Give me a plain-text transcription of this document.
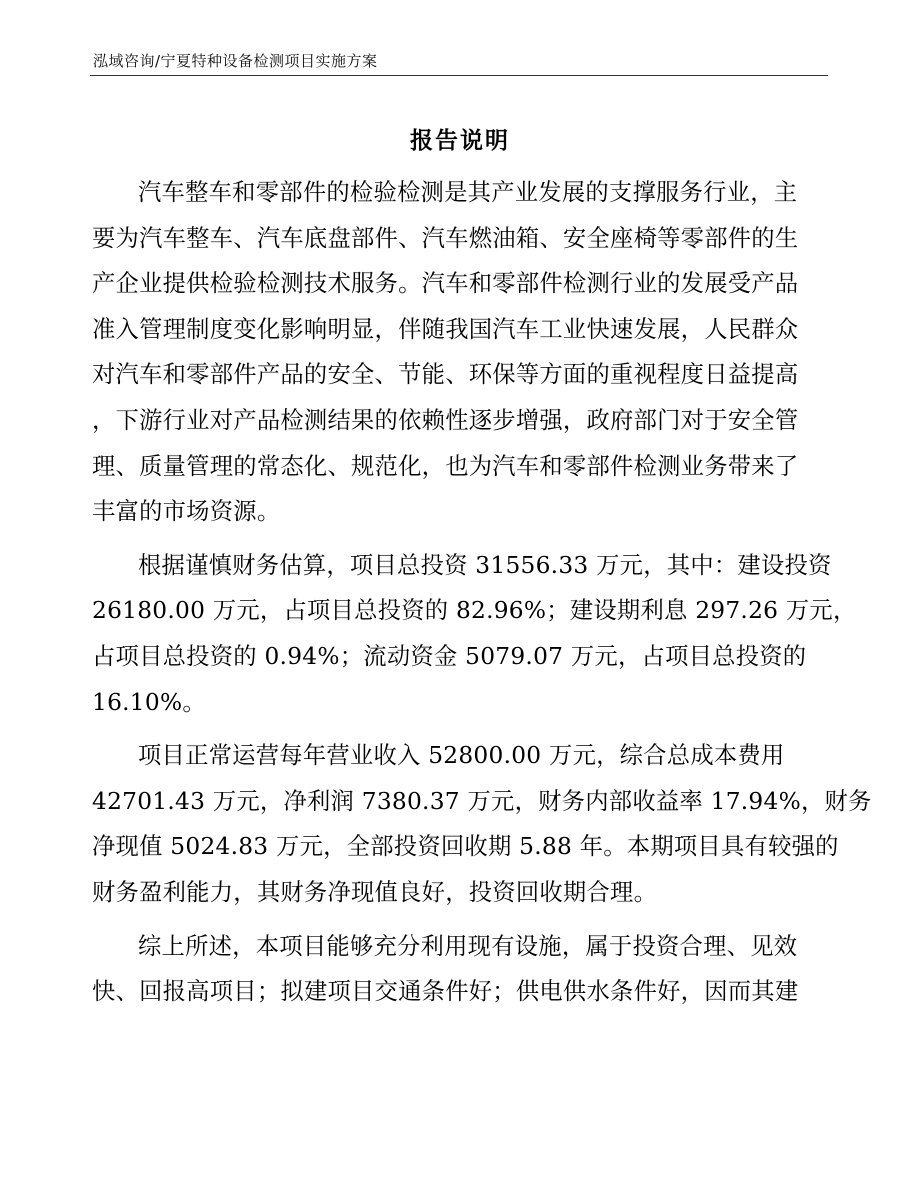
泓域咨询/宁夏特种设备检测项目实施方案
报告说明

汽车整车和零部件的检验检测是其产业发展的支撑服务行业，主
要为汽车整车、汽车底盘部件、汽车燃油箱、安全座椅等零部件的生
产企业提供检验检测技术服务。汽车和零部件检测行业的发展受产品
准入管理制度变化影响明显，伴随我国汽车工业快速发展，人民群众
对汽车和零部件产品的安全、节能、环保等方面的重视程度日益提高
，下游行业对产品检测结果的依赖性逐步增强，政府部门对于安全管
理、质量管理的常态化、规范化，也为汽车和零部件检测业务带来了
丰富的市场资源。

根据谨慎财务估算，项目总投资 31556.33 万元，其中：建设投资
26180.00 万元，占项目总投资的 82.96%；建设期利息 297.26 万元，
占项目总投资的 0.94%；流动资金 5079.07 万元，占项目总投资的
16.10%。

项目正常运营每年营业收入 52800.00 万元，综合总成本费用
42701.43 万元，净利润 7380.37 万元，财务内部收益率 17.94%，财务
净现值 5024.83 万元，全部投资回收期 5.88 年。本期项目具有较强的
财务盈利能力，其财务净现值良好，投资回收期合理。

综上所述，本项目能够充分利用现有设施，属于投资合理、见效
快、回报高项目；拟建项目交通条件好；供电供水条件好，因而其建
